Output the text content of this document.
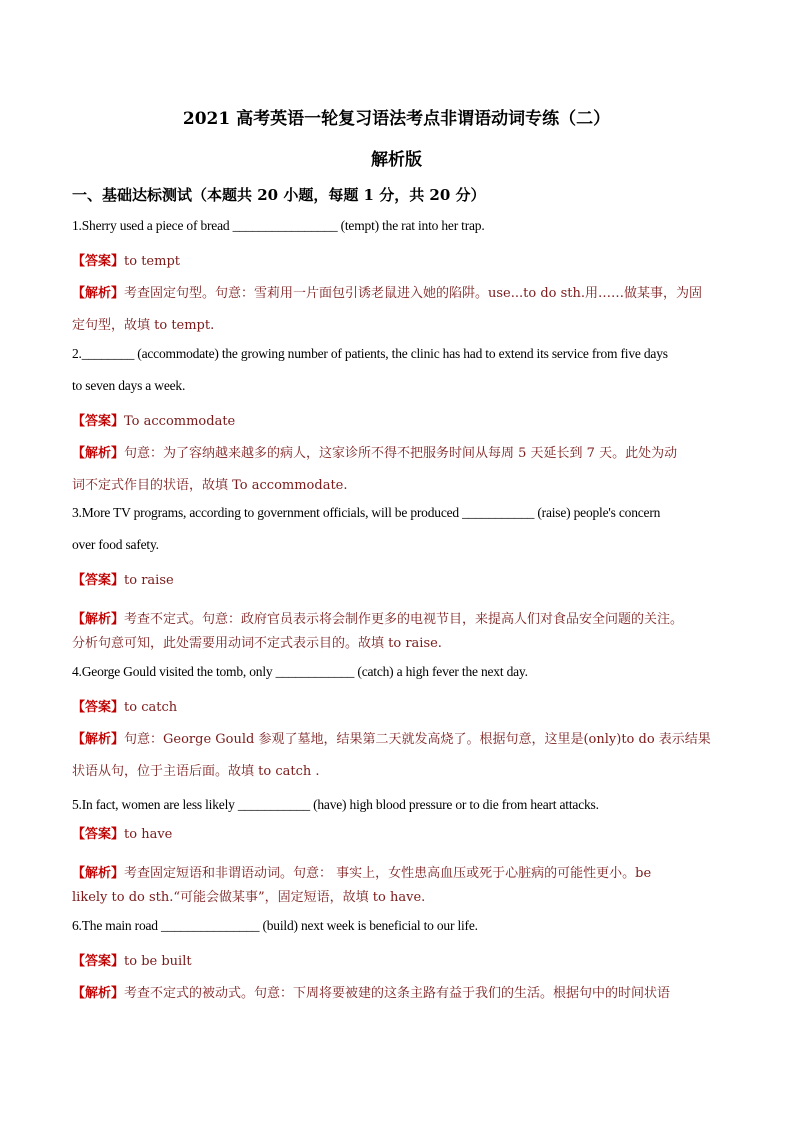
2021 高考英语一轮复习语法考点非谓语动词专练（二）
解析版
一、基础达标测试（本题共 20 小题，每题 1 分，共 20 分）
1.Sherry used a piece of bread ________________ (tempt) the rat into her trap.
【答案】to tempt
【解析】考查固定句型。句意：雪莉用一片面包引诱老鼠进入她的陷阱。use...to do sth.用……做某事，为固
定句型，故填 to tempt.
2.________ (accommodate) the growing number of patients, the clinic has had to extend its service from five days
to seven days a week.
【答案】To accommodate
【解析】句意：为了容纳越来越多的病人，这家诊所不得不把服务时间从每周 5 天延长到 7 天。此处为动
词不定式作目的状语，故填 To accommodate.
3.More TV programs, according to government officials, will be produced ___________ (raise) people's concern
over food safety.
【答案】to raise
【解析】考查不定式。句意：政府官员表示将会制作更多的电视节目，来提高人们对食品安全问题的关注。
分析句意可知，此处需要用动词不定式表示目的。故填 to raise.
4.George Gould visited the tomb, only ____________ (catch) a high fever the next day.
【答案】to catch
【解析】句意：George Gould 参观了墓地，结果第二天就发高烧了。根据句意，这里是(only)to do 表示结果
状语从句，位于主语后面。故填 to catch .
5.In fact, women are less likely ___________ (have) high blood pressure or to die from heart attacks.
【答案】to have
【解析】考查固定短语和非谓语动词。句意： 事实上，女性患高血压或死于心脏病的可能性更小。be
likely to do sth.“可能会做某事”，固定短语，故填 to have.
6.The main road _______________ (build) next week is beneficial to our life.
【答案】to be built
【解析】考查不定式的被动式。句意：下周将要被建的这条主路有益于我们的生活。根据句中的时间状语
